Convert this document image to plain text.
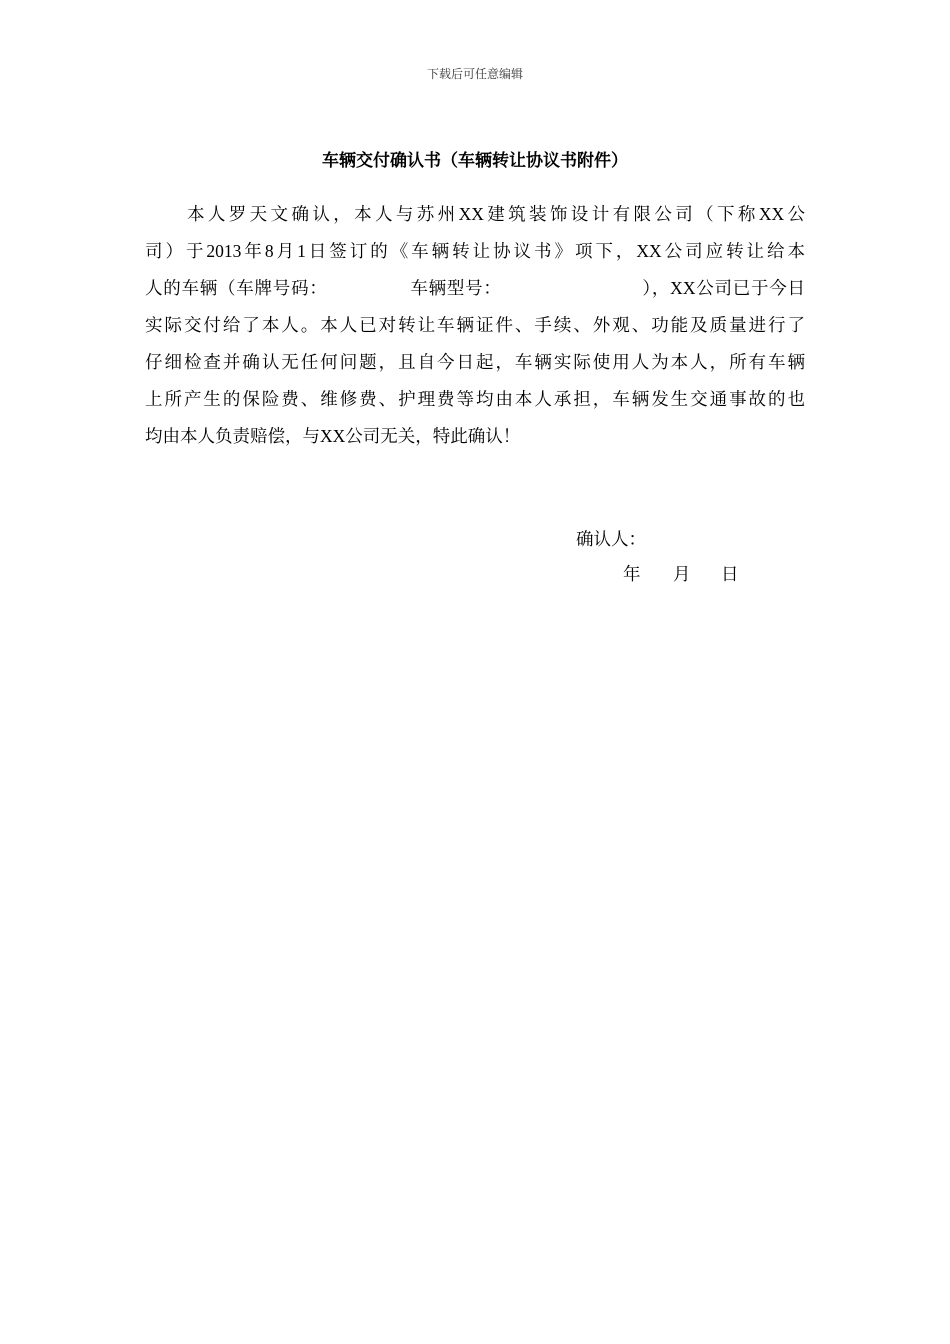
下载后可任意编辑
车辆交付确认书（车辆转让协议书附件）
本人罗天文确认，本人与苏州XX建筑装饰设计有限公司（下称XX公
司）于2013年8月1日签订的《车辆转让协议书》项下，XX公司应转让给本
人的车辆（车牌号码：	车辆型号：	），XX公司已于今日
实际交付给了本人。本人已对转让车辆证件、手续、外观、功能及质量进行了
仔细检查并确认无任何问题，且自今日起，车辆实际使用人为本人，所有车辆
上所产生的保险费、维修费、护理费等均由本人承担，车辆发生交通事故的也
均由本人负责赔偿，与XX公司无关，特此确认！
确认人：
年 月 日
